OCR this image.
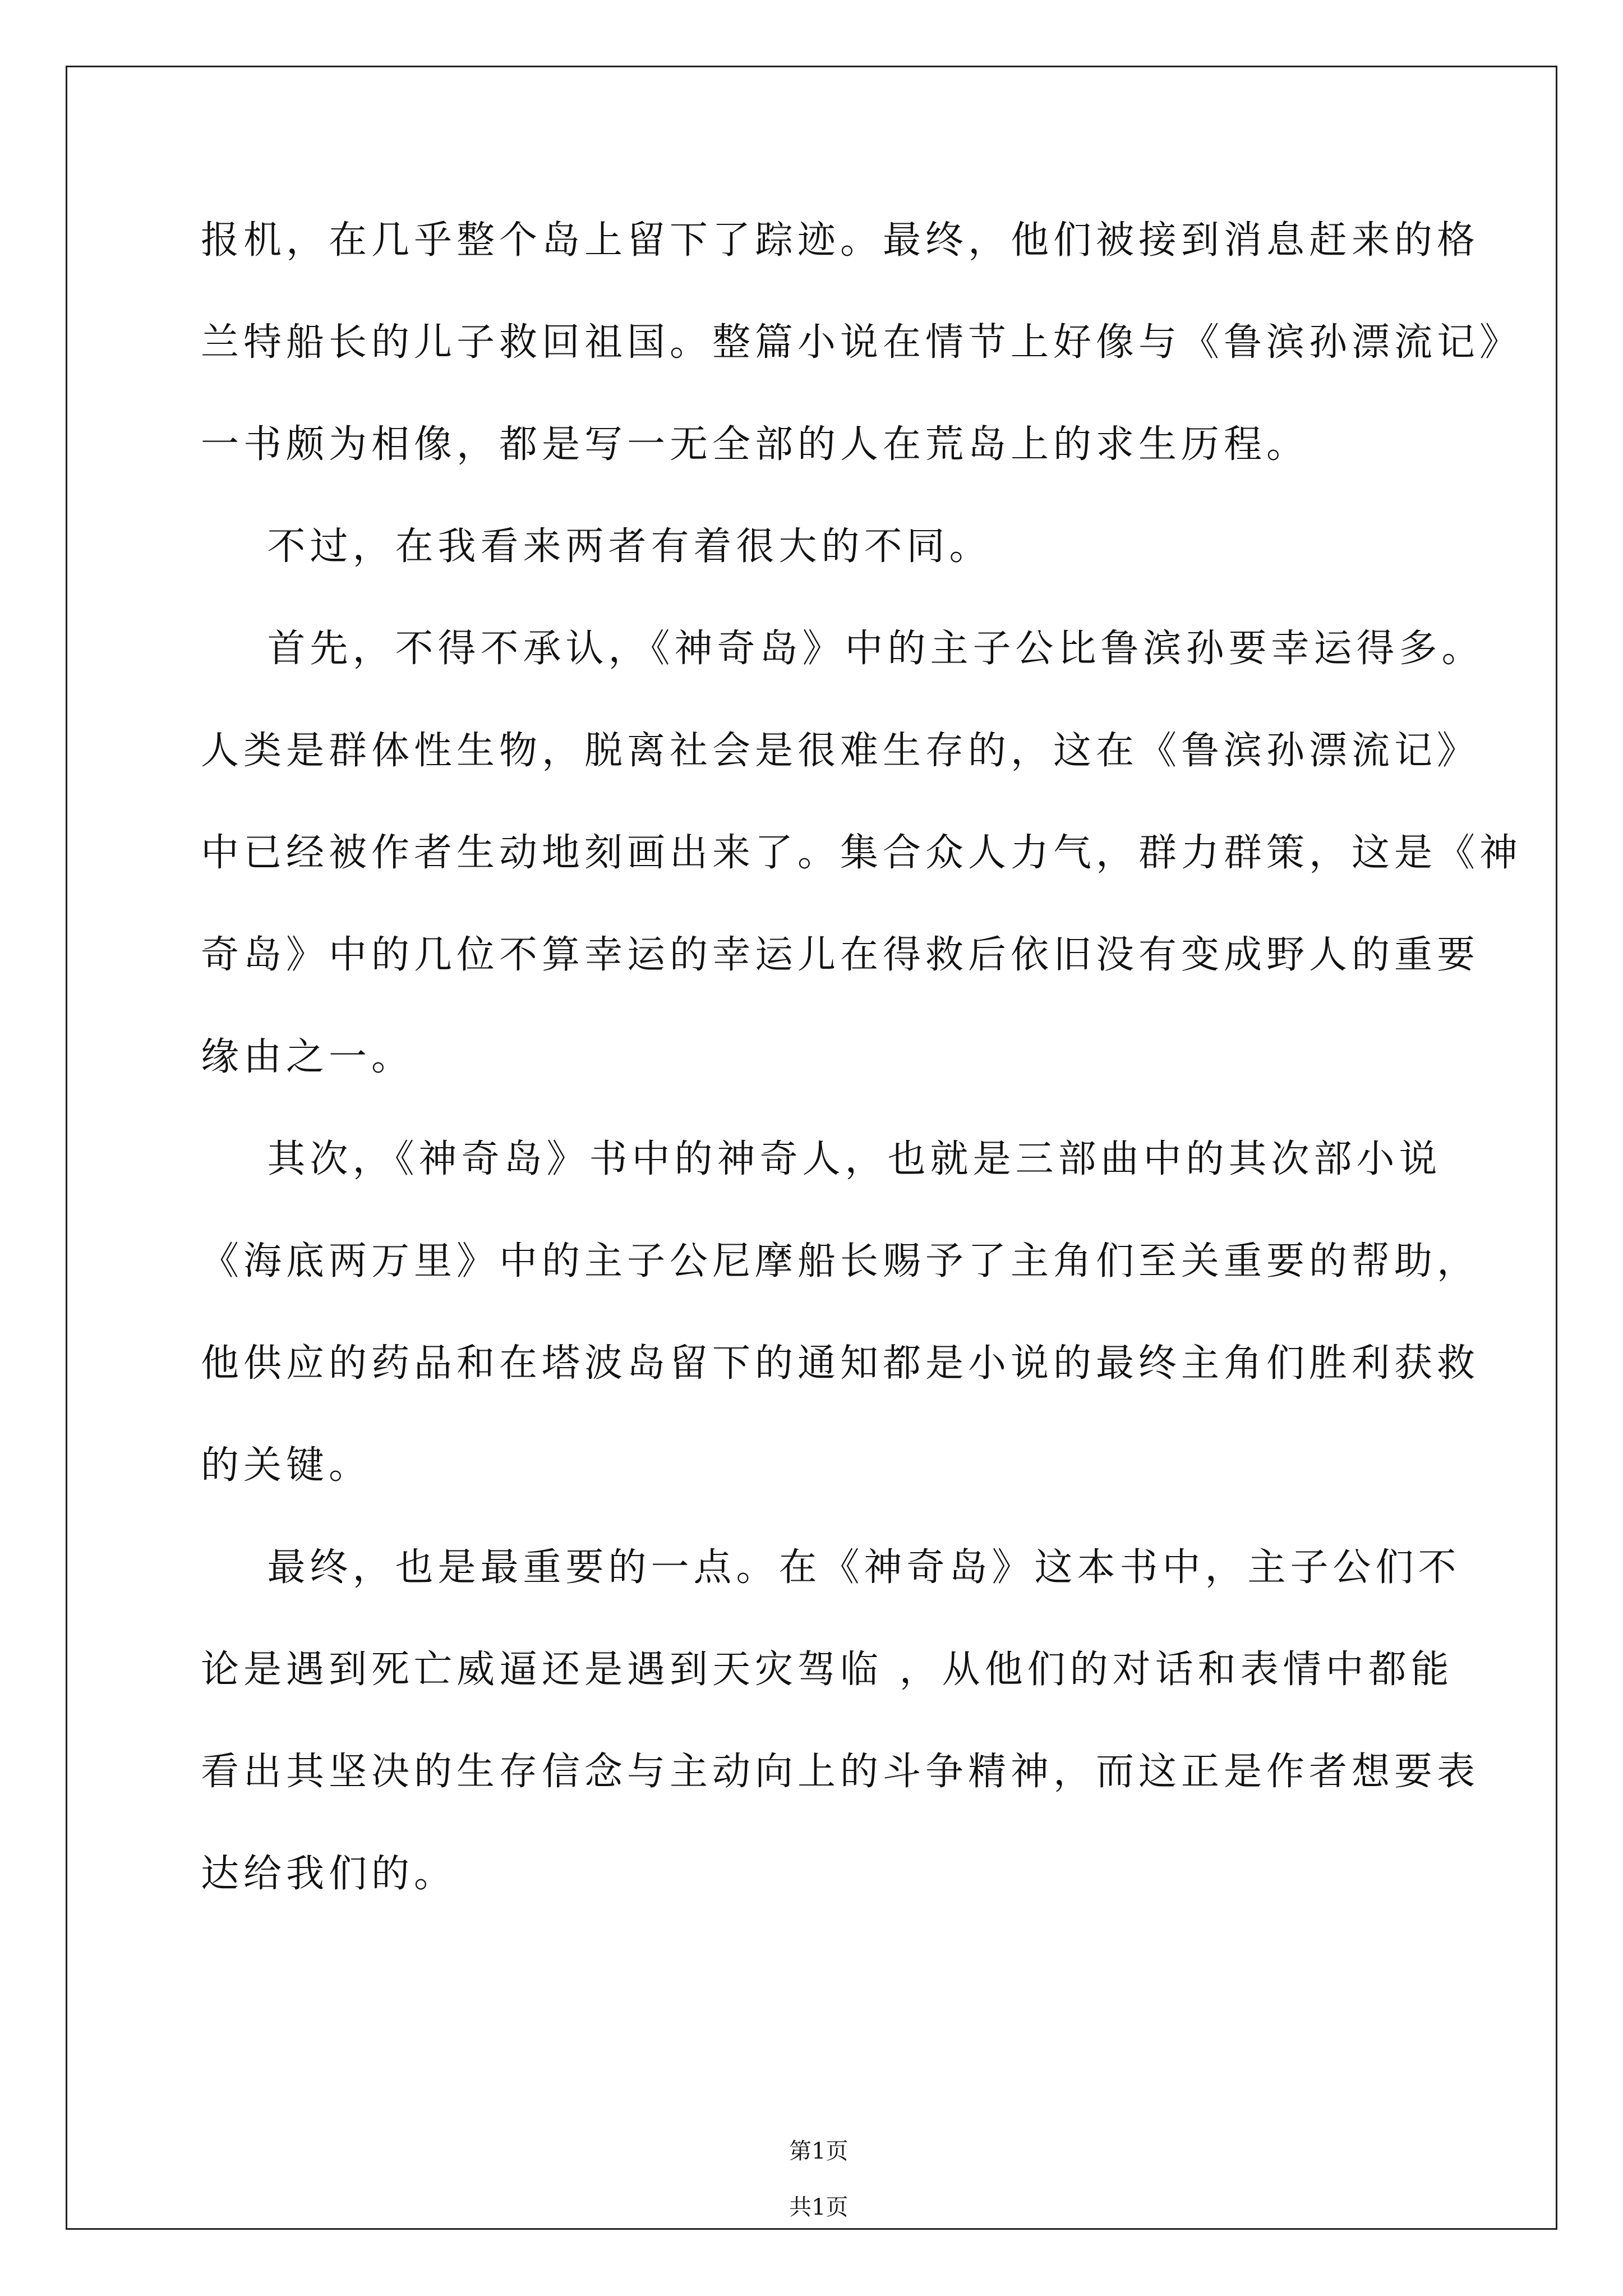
报机，在几乎整个岛上留下了踪迹。最终，他们被接到消息赶来的格
兰特船长的儿子救回祖国。整篇小说在情节上好像与《鲁滨孙漂流记》
一书颇为相像，都是写一无全部的人在荒岛上的求生历程。
不过，在我看来两者有着很大的不同。
首先，不得不承认，《神奇岛》中的主子公比鲁滨孙要幸运得多。
人类是群体性生物，脱离社会是很难生存的，这在《鲁滨孙漂流记》
中已经被作者生动地刻画出来了。集合众人力气，群力群策，这是《神
奇岛》中的几位不算幸运的幸运儿在得救后依旧没有变成野人的重要
缘由之一。
其次，《神奇岛》书中的神奇人，也就是三部曲中的其次部小说
《海底两万里》中的主子公尼摩船长赐予了主角们至关重要的帮助，
他供应的药品和在塔波岛留下的通知都是小说的最终主角们胜利获救
的关键。
最终，也是最重要的一点。在《神奇岛》这本书中，主子公们不
论是遇到死亡威逼还是遇到天灾驾临 ，从他们的对话和表情中都能
看出其坚决的生存信念与主动向上的斗争精神，而这正是作者想要表
达给我们的。

第1页

共1页
